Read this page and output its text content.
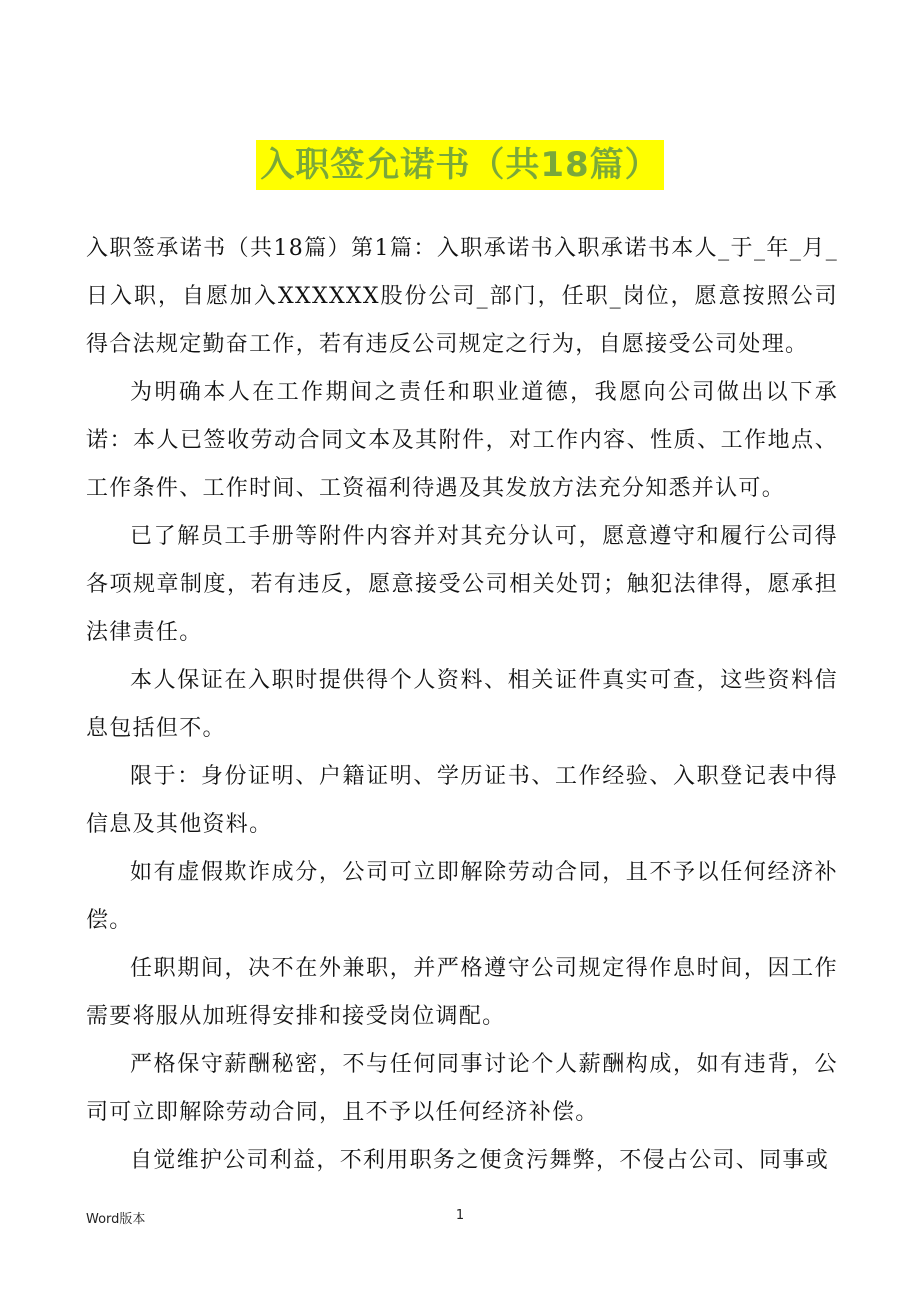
入职签允诺书（共18篇）

入职签承诺书（共18篇）第1篇：入职承诺书入职承诺书本人_于_年_月_日入职，自愿加入XXXXXX股份公司_部门，任职_岗位，愿意按照公司得合法规定勤奋工作，若有违反公司规定之行为，自愿接受公司处理。

为明确本人在工作期间之责任和职业道德，我愿向公司做出以下承诺：本人已签收劳动合同文本及其附件，对工作内容、性质、工作地点、工作条件、工作时间、工资福利待遇及其发放方法充分知悉并认可。

已了解员工手册等附件内容并对其充分认可，愿意遵守和履行公司得各项规章制度，若有违反，愿意接受公司相关处罚；触犯法律得，愿承担法律责任。

本人保证在入职时提供得个人资料、相关证件真实可查，这些资料信息包括但不。

限于：身份证明、户籍证明、学历证书、工作经验、入职登记表中得信息及其他资料。

如有虚假欺诈成分，公司可立即解除劳动合同，且不予以任何经济补偿。

任职期间，决不在外兼职，并严格遵守公司规定得作息时间，因工作需要将服从加班得安排和接受岗位调配。

严格保守薪酬秘密，不与任何同事讨论个人薪酬构成，如有违背，公司可立即解除劳动合同，且不予以任何经济补偿。

自觉维护公司利益，不利用职务之便贪污舞弊，不侵占公司、同事或

Word版本	1
